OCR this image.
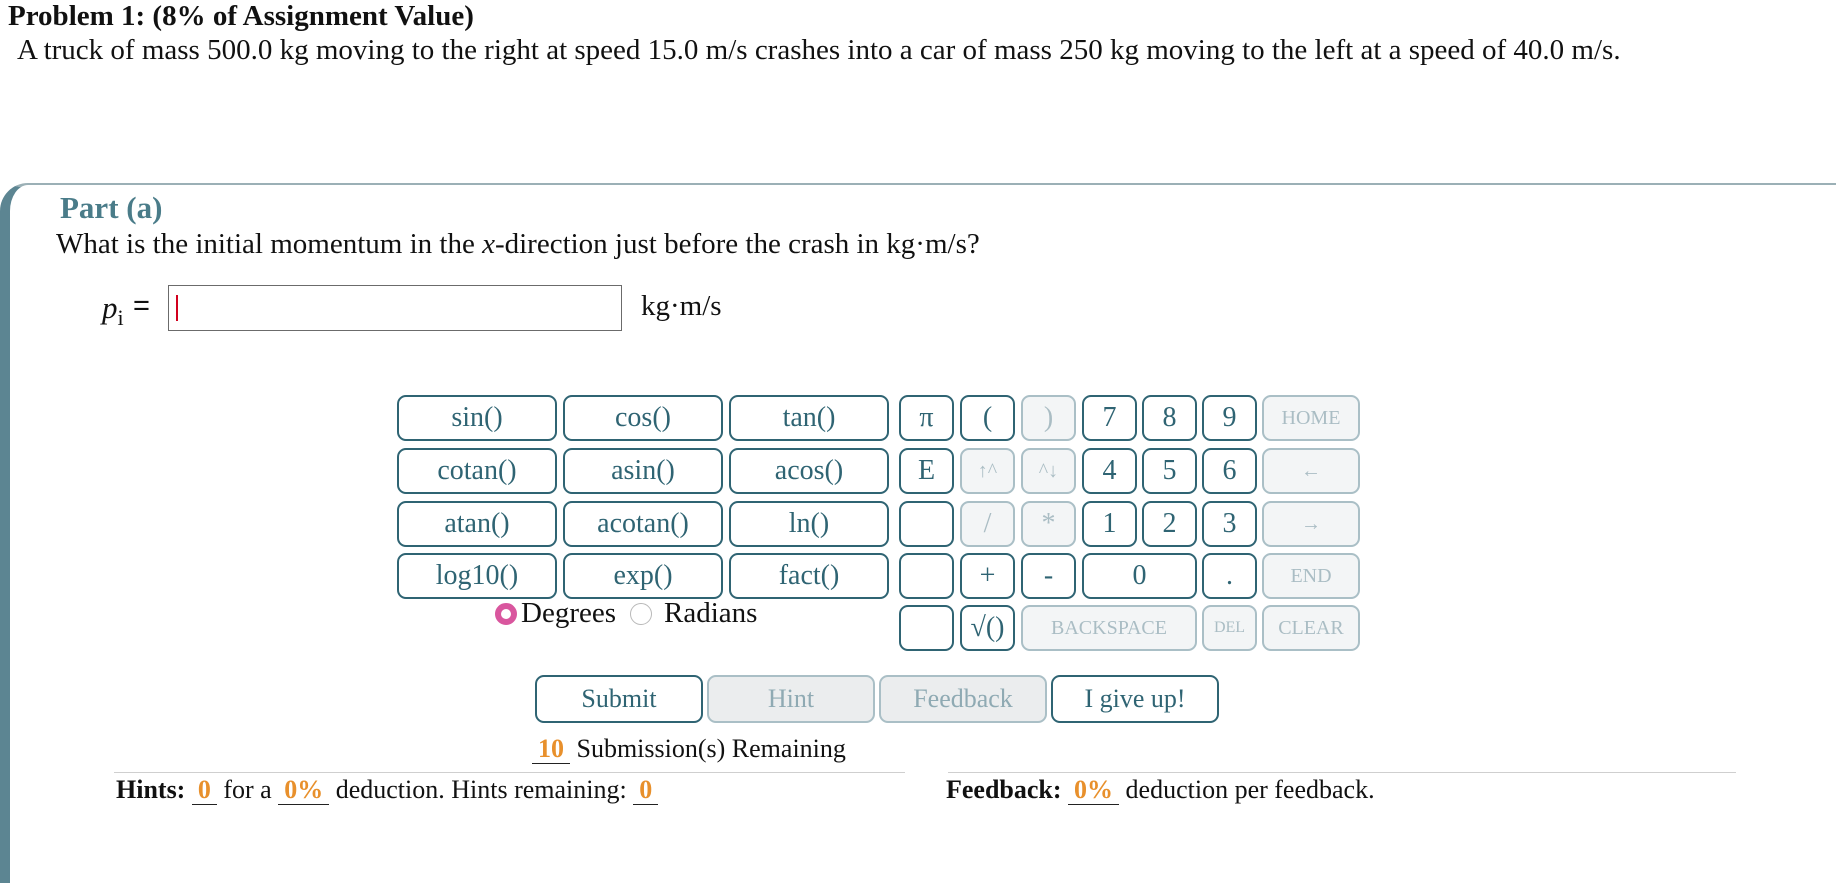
Problem 1: (8% of Assignment Value)
A truck of mass 500.0 kg moving to the right at speed 15.0 m/s crashes into a car of mass 250 kg moving to the left at a speed of 40.0 m/s.
Part (a)
What is the initial momentum in the x-direction just before the crash in kg·m/s?
$p_i$ =	kg·m/s
sin()	cos()	tan()
cotan()	asin()	acos()
atan()	acotan()	ln()
log10()	exp()	fact()
π	(	)
E	↑^	^↓
/	*
+	-
√()	BACKSPACE
7	8	9
4	5	6
1	2	3
0	.
DEL
HOME
←
→
END
CLEAR
Degrees Radians
Submit	Hint	Feedback	I give up!
10 Submission(s) Remaining
Hints: 0 for a 0% deduction. Hints remaining: 0	Feedback: 0% deduction per feedback.
